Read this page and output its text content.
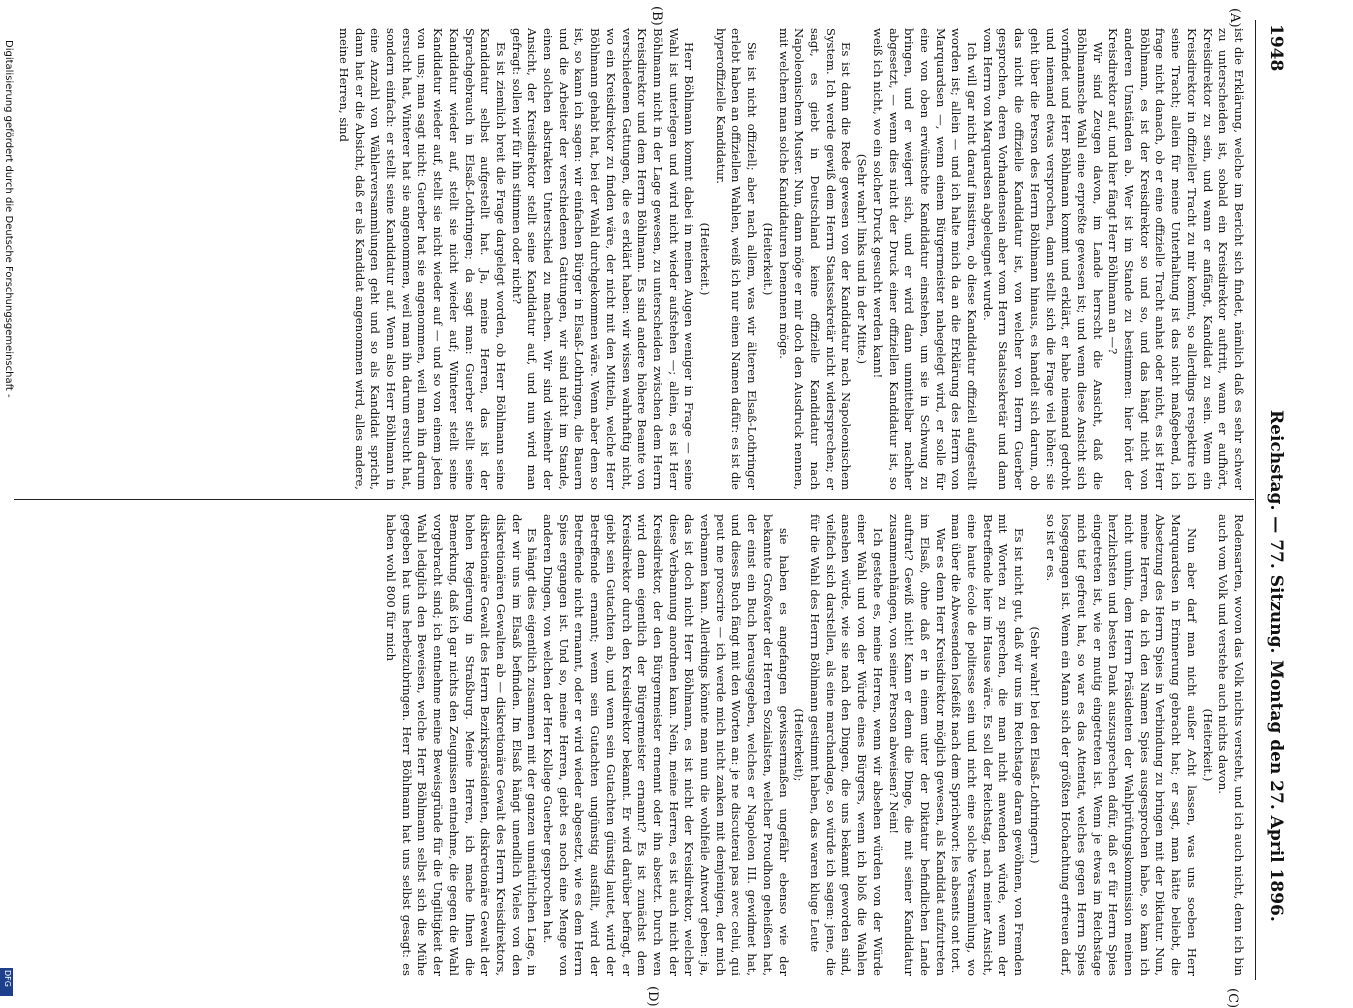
1948
Reichstag. — 77. Sitzung.
Montag den 27. April 1896.
(A)
(B)
(C)
(D)

ist die Erklärung, welche im Bericht sich findet, nämlich daß es sehr schwer zu unterscheiden ist, sobald ein Kreisdirektor auftritt, wann er aufhört, Kreisdirektor zu sein, und wann er anfängt, Kandidat zu sein. Wenn ein Kreisdirektor in offizieller Tracht zu mir kommt, so allerdings respektire ich seine Tracht; allein für meine Unterhaltung ist das nicht maßgebend, ich frage nicht danach, ob er eine offizielle Tracht anhat oder nicht, es ist Herr Böhlmann, es ist der Kreisdirektor so und so, und das hängt nicht von anderen Umständen ab. Wer ist im Stande zu bestimmen: hier hört der Kreisdirektor auf, und hier fängt Herr Böhlmann an —?

Wir sind Zeugen davon, im Lande herrscht die Ansicht, daß die Böhlmannsche Wahl eine erpreßte gewesen ist; und wenn diese Ansicht sich vorfindet und Herr Böhlmann kommt und erklärt, er habe niemand gedroht und niemand etwas versprochen, dann stellt sich die Frage viel höher: sie geht über die Person des Herrn Böhlmann hinaus, es handelt sich darum, ob das nicht die offizielle Kandidatur ist, von welcher von Herrn Guerber gesprochen, deren Vorhandensein aber vom Herrn Staatssekretär und dann vom Herrn von Marquardsen abgeleugnet wurde.

Ich will gar nicht darauf insistiren, ob diese Kandidatur offiziell aufgestellt worden ist; allein — und ich halte mich da an die Erklärung des Herrn von Marquardsen —, wenn einem Bürgermeister nahegelegt wird, er solle für eine von oben erwünschte Kandidatur einstehen, um sie in Schwung zu bringen, und er weigert sich, und er wird dann unmittelbar nachher abgesetzt, — wenn dies nicht der Druck einer offiziellen Kandidatur ist, so weiß ich nicht, wo ein solcher Druck gesucht werden kann!

(Sehr wahr! links und in der Mitte.)

Es ist dann die Rede gewesen von der Kandidatur nach Napoleonischem System. Ich werde gewiß dem Herrn Staatssekretär nicht widersprechen; er sagt, es giebt in Deutschland keine offizielle Kandidatur nach Napoleonischem Muster. Nun, dann möge er mir doch den Ausdruck nennen, mit welchem man solche Kandidaturen benennen möge.

(Heiterkeit.)

Sie ist nicht offiziell; aber nach allem, was wir älteren Elsaß-Lothringer erlebt haben an offiziellen Wahlen, weiß ich nur einen Namen dafür: es ist die hyperoffizielle Kandidatur.

(Heiterkeit.)

Herr Böhlmann kommt dabei in meinen Augen weniger in Frage — seine Wahl ist unterlegen und wird nicht wieder aufstehen —; allein, es ist Herr Böhlmann nicht in der Lage gewesen, zu unterscheiden zwischen dem Herrn Kreisdirektor und dem Herrn Böhlmann. Es sind andere höhere Beamte von verschiedenen Gattungen, die es erklärt haben: wir wissen wahrhaftig nicht, wo ein Kreisdirektor zu finden wäre, der nicht mit den Mitteln, welche Herr Böhlmann gehabt hat, bei der Wahl durchgekommen wäre. Wenn aber dem so ist, so kann ich sagen: wir einfachen Bürger in Elsaß-Lothringen, die Bauern und die Arbeiter der verschiedenen Gattungen, wir sind nicht im Stande, einen solchen abstrakten Unterschied zu machen. Wir sind vielmehr der Ansicht, der Kreisdirektor stellt seine Kandidatur auf, und nun wird man gefragt: sollen wir für ihn stimmen oder nicht?

Es ist ziemlich breit die Frage dargelegt worden, ob Herr Böhlmann seine Kandidatur selbst aufgestellt hat. Ja, meine Herren, das ist der Sprachgebrauch in Elsaß-Lothringen; da sagt man: Guerber stellt seine Kandidatur wieder auf, stellt sie nicht wieder auf; Winterer stellt seine Kandidatur wieder auf, stellt sie nicht wieder auf — und so von einem jeden von uns; man sagt nicht: Guerber hat sie angenommen, weil man ihn darum ersucht hat, Winterer hat sie angenommen, weil man ihn darum ersucht hat, sondern einfach: er stellt seine Kandidatur auf. Wenn also Herr Böhlmann in eine Anzahl von Wählerversammlungen geht und so als Kandidat spricht, dann hat er die Absicht, daß er als Kandidat angenommen wird, alles andere, meine Herren, sind

Redensarten, wovon das Volk nichts versteht, und ich auch nicht, denn ich bin auch vom Volk und verstehe auch nichts davon.

(Heiterkeit.)

Nun aber darf man nicht außer Acht lassen, was uns soeben Herr Marquardsen in Erinnerung gebracht hat; er sagt, man hätte beliebt, die Absetzung des Herrn Spies in Verbindung zu bringen mit der Diktatur. Nun, meine Herren, da ich den Namen Spies ausgesprochen habe, so kann ich nicht umhin, dem Herrn Präsidenten der Wahlprüfungskommission meinen herzlichsten und besten Dank auszusprechen dafür, daß er für Herrn Spies eingetreten ist, wie er mutig eingetreten ist. Wenn je etwas im Reichstage mich tief gefreut hat, so war es das Attentat, welches gegen Herrn Spies losgegangen ist. Wenn ein Mann sich der größten Hochachtung erfreuen darf, so ist er es.

(Sehr wahr! bei den Elsaß-Lothringern.)

Es ist nicht gut, daß wir uns im Reichstage daran gewöhnen, von Fremden mit Worten zu sprechen, die man nicht anwenden würde, wenn der Betreffende hier im Hause wäre. Es soll der Reichstag, nach meiner Ansicht, eine haute école de politesse sein und nicht eine solche Versammlung, wo man über die Abwesenden losfeißt nach dem Sprichwort: les absents ont tort.

War es denn Herr Kreisdirektor möglich gewesen, als Kandidat aufzutreten im Elsaß, ohne daß er in einem unter der Diktatur befindlichen Lande auftrat? Gewiß nicht! Kann er denn die Dinge, die mit seiner Kandidatur zusammenhängen, von seiner Person abweisen? Nein!

Ich gestehe es, meine Herren, wenn wir absehen würden von der Würde einer Wahl und von der Würde eines Bürgers, wenn ich bloß die Wahlen ansehen würde, wie sie nach den Dingen, die uns bekannt geworden sind, vielfach sich darstellen, als eine marchandage, so würde ich sagen: jene, die für die Wahl des Herrn Böhlmann gestimmt haben, das waren kluge Leute

(Heiterkeit);

sie haben es angefangen gewissermaßen ungefähr ebenso wie der bekannte Großvater der Herren Sozialisten, welcher Proudhon geheißen hat, der einst ein Buch herausgegeben, welches er Napoleon III. gewidmet hat, und dieses Buch fängt mit den Worten an: je ne discuterai pas avec celui, qui peut me proscrire — ich werde mich nicht zanken mit demjenigen, der mich verbannen kann. Allerdings könnte man nun die wohlfeile Antwort geben: ja, das ist doch nicht Herr Böhlmann, es ist nicht der Kreisdirektor, welcher diese Verbannung anordnen kann. Nein, meine Herren, es ist auch nicht der Kreisdirektor, der den Bürgermeister ernennt oder ihn absetzt. Durch wen wird denn eigentlich der Bürgermeister ernannt? Es ist zunächst dem Kreisdirektor durch den Kreisdirektor bekannt. Er wird darüber befragt, er giebt sein Gutachten ab, und wenn sein Gutachten günstig lautet, wird der Betreffende ernannt; wenn sein Gutachten ungünstig ausfällt, wird der Betreffende nicht ernannt, oder er wird wieder abgesetzt, wie es dem Herrn Spies ergangen ist. Und so, meine Herren, giebt es noch eine Menge von anderen Dingen, von welchen der Herr Kollege Guerber gesprochen hat.

Es hängt dies eigentlich zusammen mit der ganzen unnatürlichen Lage, in der wir uns im Elsaß befinden. Im Elsaß hängt unendlich Vieles von den diskretionären Gewalten ab — diskretionäre Gewalt des Herrn Kreisdirektors, diskretionäre Gewalt des Herrn Bezirkspräsidenten, diskretionäre Gewalt der hohen Regierung in Straßburg. Meine Herren, ich mache Ihnen die Bemerkung, daß ich gar nichts den Zeugnissen entnehme, die gegen die Wahl vorgebracht sind; ich entnehme meine Beweisgründe für die Ungiltigkeit der Wahl lediglich den Beweisen, welche Herr Böhlmann selbst sich die Mühe gegeben hat uns herbeizubringen. Herr Böhlmann hat uns selbst gesagt: es haben wohl 800 für mich

Digitalisierung gefördert durch die Deutsche Forschungsgemeinschaft -
DFG
